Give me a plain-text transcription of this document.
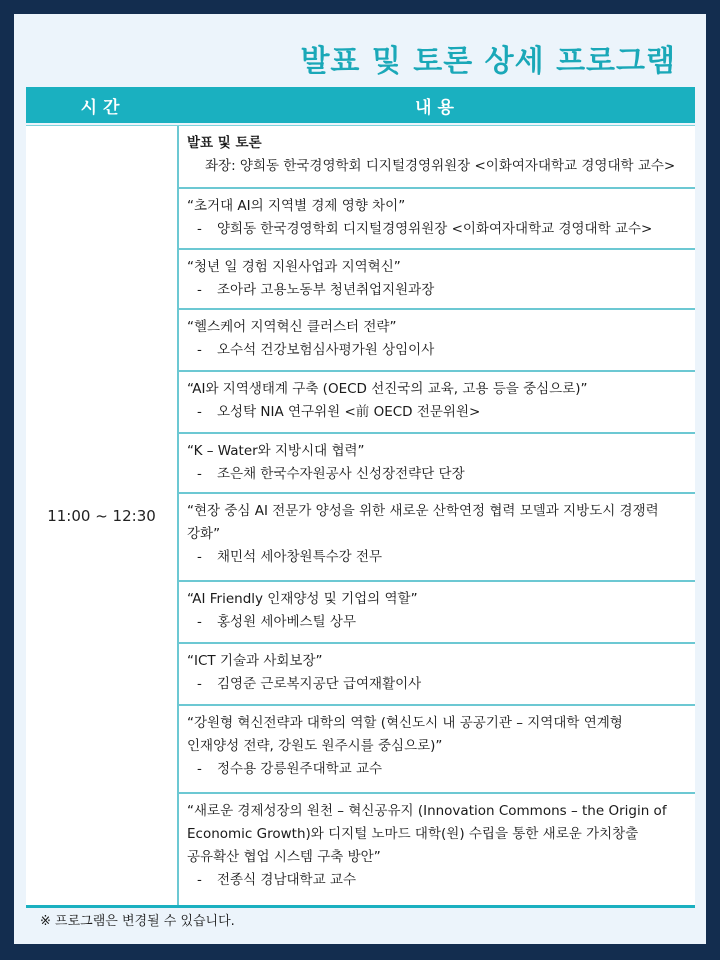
발표 및 토론 상세 프로그램
시간	내용
11:00 ~ 12:30
발표 및 토론
좌장: 양희동 한국경영학회 디지털경영위원장 <이화여자대학교 경영대학 교수>
“초거대 AI의 지역별 경제 영향 차이”
- 양희동 한국경영학회 디지털경영위원장 <이화여자대학교 경영대학 교수>
“청년 일 경험 지원사업과 지역혁신”
- 조아라 고용노동부 청년취업지원과장
“헬스케어 지역혁신 클러스터 전략”
- 오수석 건강보험심사평가원 상임이사
“AI와 지역생태계 구축 (OECD 선진국의 교육, 고용 등을 중심으로)”
- 오성탁 NIA 연구위원 <前 OECD 전문위원>
“K – Water와 지방시대 협력”
- 조은채 한국수자원공사 신성장전략단 단장
“현장 중심 AI 전문가 양성을 위한 새로운 산학연정 협력 모델과 지방도시 경쟁력
강화”
- 채민석 세아창원특수강 전무
“AI Friendly 인재양성 및 기업의 역할”
- 홍성원 세아베스틸 상무
“ICT 기술과 사회보장”
- 김영준 근로복지공단 급여재활이사
“강원형 혁신전략과 대학의 역할 (혁신도시 내 공공기관 – 지역대학 연계형
인재양성 전략, 강원도 원주시를 중심으로)”
- 정수용 강릉원주대학교 교수
“새로운 경제성장의 원천 – 혁신공유지 (Innovation Commons – the Origin of
Economic Growth)와 디지털 노마드 대학(원) 수립을 통한 새로운 가치창출
공유확산 협업 시스템 구축 방안”
- 전종식 경남대학교 교수
※ 프로그램은 변경될 수 있습니다.
